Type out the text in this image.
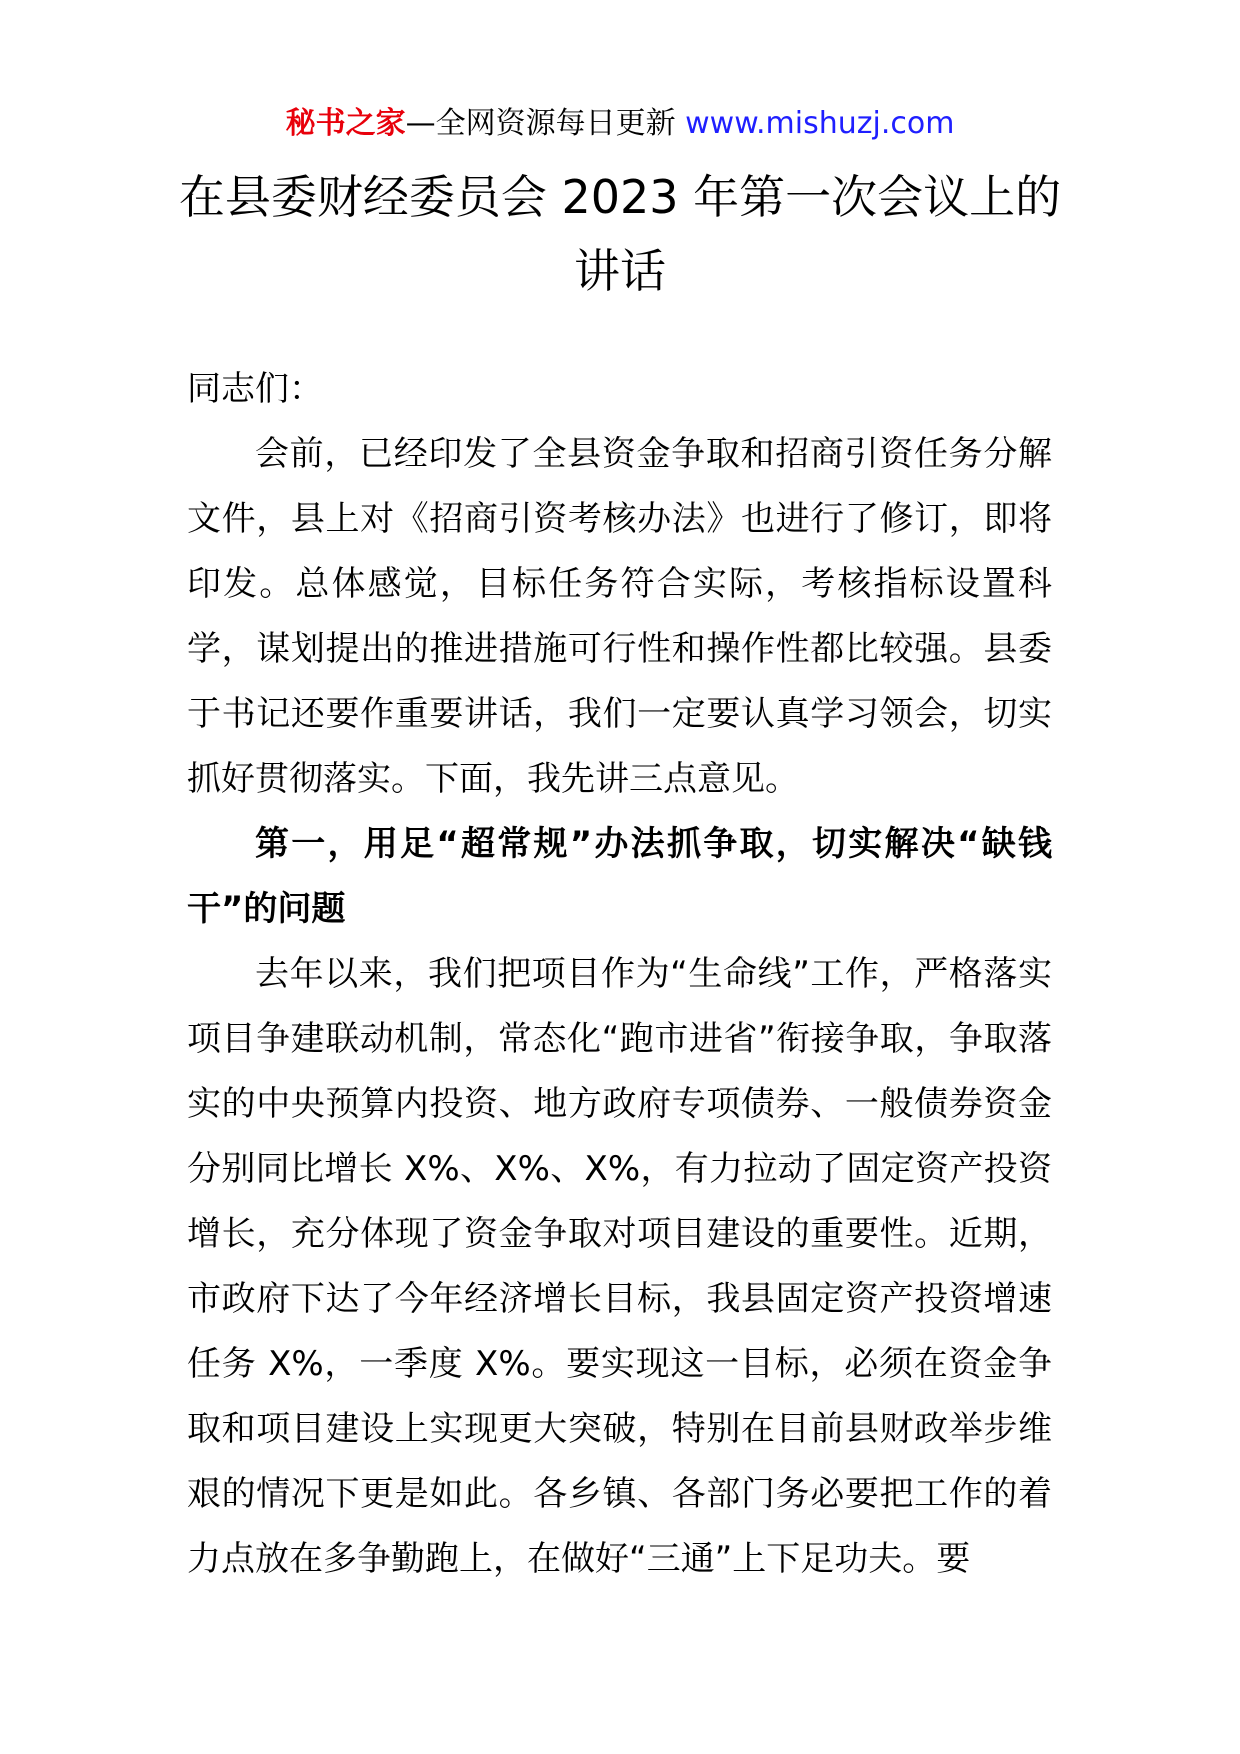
秘书之家—全网资源每日更新 www.mishuzj.com
在县委财经委员会 2023 年第一次会议上的讲话

同志们：

会前，已经印发了全县资金争取和招商引资任务分解文件，县上对《招商引资考核办法》也进行了修订，即将印发。总体感觉，目标任务符合实际，考核指标设置科学，谋划提出的推进措施可行性和操作性都比较强。县委于书记还要作重要讲话，我们一定要认真学习领会，切实抓好贯彻落实。下面，我先讲三点意见。

第一，用足“超常规”办法抓争取，切实解决“缺钱干”的问题

去年以来，我们把项目作为“生命线”工作，严格落实项目争建联动机制，常态化“跑市进省”衔接争取，争取落实的中央预算内投资、地方政府专项债券、一般债券资金分别同比增长 X%、X%、X%，有力拉动了固定资产投资增长，充分体现了资金争取对项目建设的重要性。近期，市政府下达了今年经济增长目标，我县固定资产投资增速任务 X%，一季度 X%。要实现这一目标，必须在资金争取和项目建设上实现更大突破，特别在目前县财政举步维艰的情况下更是如此。各乡镇、各部门务必要把工作的着力点放在多争勤跑上，在做好“三通”上下足功夫。要
